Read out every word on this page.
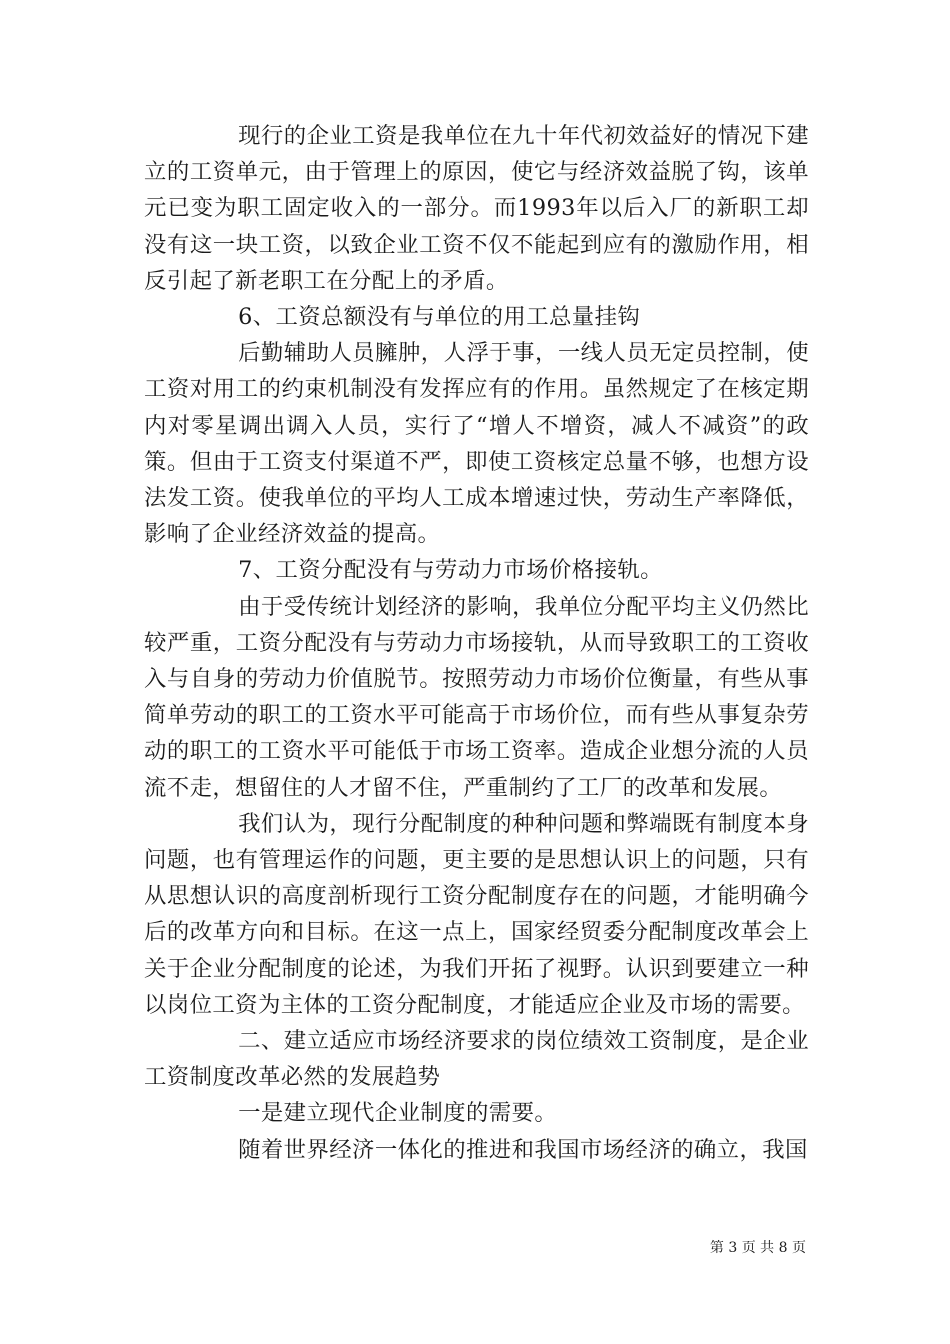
现行的企业工资是我单位在九十年代初效益好的情况下建立的工资单元，由于管理上的原因，使它与经济效益脱了钩，该单元已变为职工固定收入的一部分。而1993年以后入厂的新职工却没有这一块工资，以致企业工资不仅不能起到应有的激励作用，相反引起了新老职工在分配上的矛盾。

6、工资总额没有与单位的用工总量挂钩

后勤辅助人员臃肿，人浮于事，一线人员无定员控制，使工资对用工的约束机制没有发挥应有的作用。虽然规定了在核定期内对零星调出调入人员，实行了“增人不增资，减人不减资”的政策。但由于工资支付渠道不严，即使工资核定总量不够，也想方设法发工资。使我单位的平均人工成本增速过快，劳动生产率降低，影响了企业经济效益的提高。

7、工资分配没有与劳动力市场价格接轨。

由于受传统计划经济的影响，我单位分配平均主义仍然比较严重，工资分配没有与劳动力市场接轨，从而导致职工的工资收入与自身的劳动力价值脱节。按照劳动力市场价位衡量，有些从事简单劳动的职工的工资水平可能高于市场价位，而有些从事复杂劳动的职工的工资水平可能低于市场工资率。造成企业想分流的人员流不走，想留住的人才留不住，严重制约了工厂的改革和发展。

我们认为，现行分配制度的种种问题和弊端既有制度本身问题，也有管理运作的问题，更主要的是思想认识上的问题，只有从思想认识的高度剖析现行工资分配制度存在的问题，才能明确今后的改革方向和目标。在这一点上，国家经贸委分配制度改革会上关于企业分配制度的论述，为我们开拓了视野。认识到要建立一种以岗位工资为主体的工资分配制度，才能适应企业及市场的需要。

二、建立适应市场经济要求的岗位绩效工资制度，是企业工资制度改革必然的发展趋势

一是建立现代企业制度的需要。

随着世界经济一体化的推进和我国市场经济的确立，我国

第 3 页 共 8 页
